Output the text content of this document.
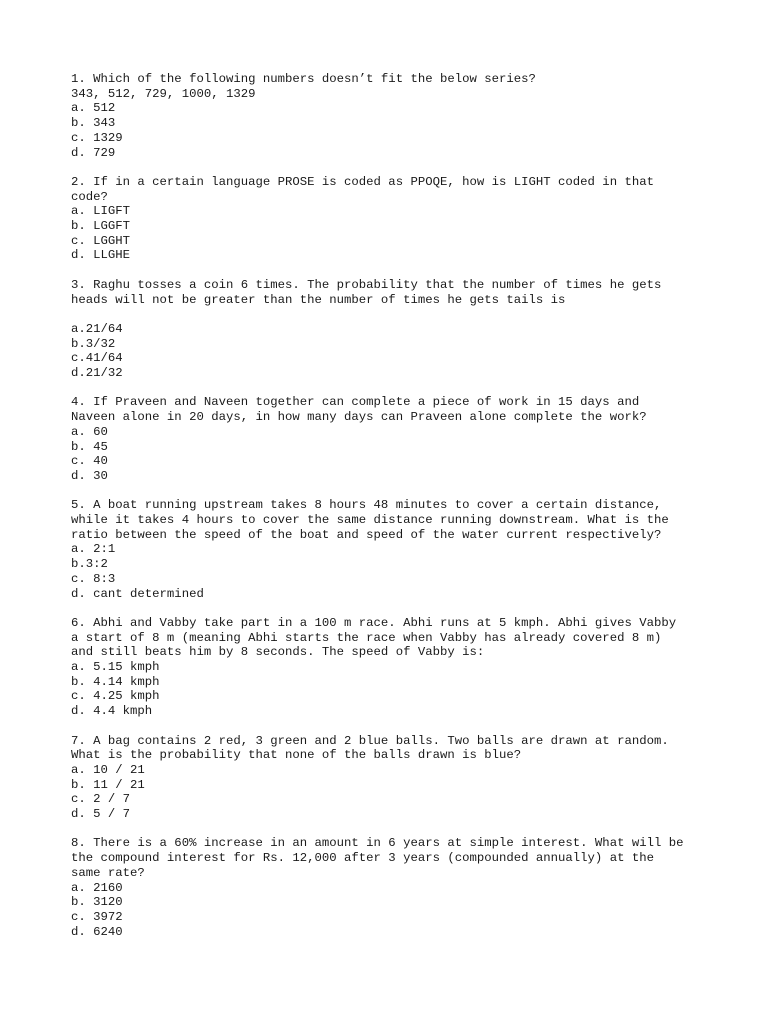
1. Which of the following numbers doesn’t fit the below series?
343, 512, 729, 1000, 1329

a. 512

b. 343

c. 1329

d. 729

2. If in a certain language PROSE is coded as PPOQE, how is LIGHT coded in that
code?

a. LIGFT

b. LGGFT

c. LGGHT

d. LLGHE

3. Raghu tosses a coin 6 times. The probability that the number of times he gets
heads will not be greater than the number of times he gets tails is

a.21/64

b.3/32

c.41/64

d.21/32

4. If Praveen and Naveen together can complete a piece of work in 15 days and
Naveen alone in 20 days, in how many days can Praveen alone complete the work?

a. 60

b. 45

c. 40

d. 30

5. A boat running upstream takes 8 hours 48 minutes to cover a certain distance,
while it takes 4 hours to cover the same distance running downstream. What is the
ratio between the speed of the boat and speed of the water current respectively?

a. 2:1

b.3:2

c. 8:3

d. cant determined

6. Abhi and Vabby take part in a 100 m race. Abhi runs at 5 kmph. Abhi gives Vabby
a start of 8 m (meaning Abhi starts the race when Vabby has already covered 8 m)
and still beats him by 8 seconds. The speed of Vabby is:

a. 5.15 kmph

b. 4.14 kmph

c. 4.25 kmph

d. 4.4 kmph

7. A bag contains 2 red, 3 green and 2 blue balls. Two balls are drawn at random.
What is the probability that none of the balls drawn is blue?

a. 10 / 21

b. 11 / 21

c. 2 / 7

d. 5 / 7

8. There is a 60% increase in an amount in 6 years at simple interest. What will be
the compound interest for Rs. 12,000 after 3 years (compounded annually) at the
same rate?

a. 2160

b. 3120

c. 3972

d. 6240
